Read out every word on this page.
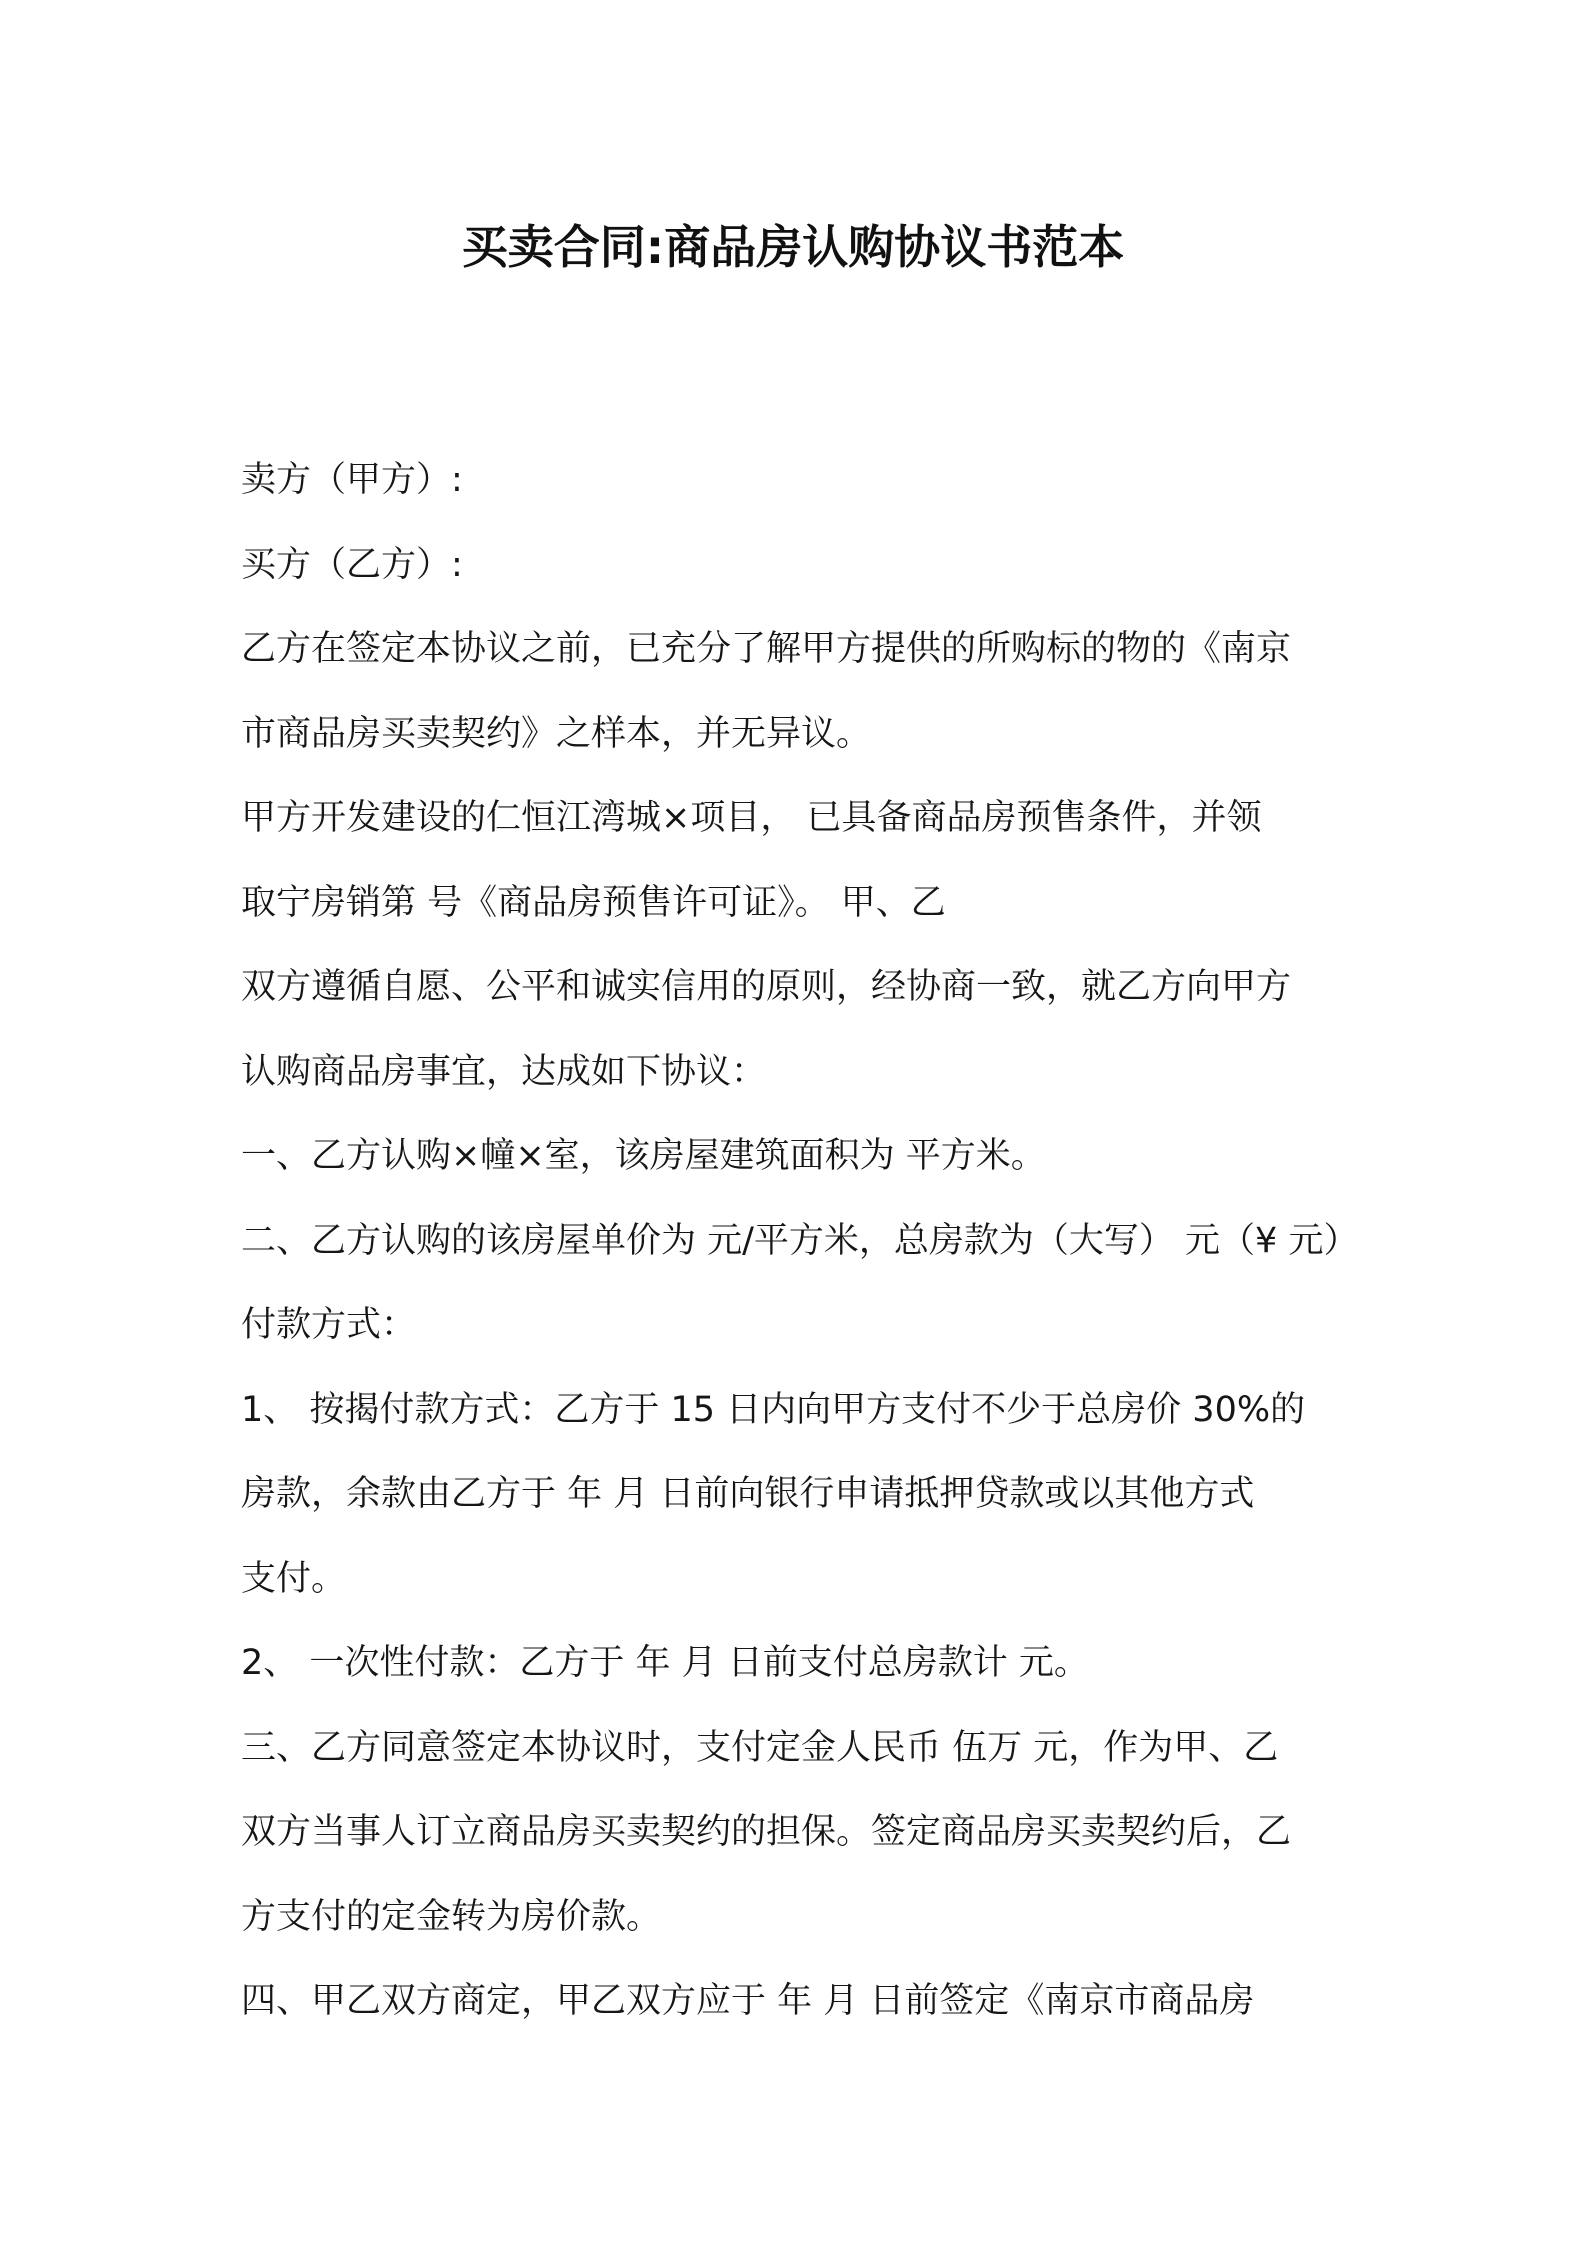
买卖合同:商品房认购协议书范本
卖方（甲方）:
买方（乙方）:
乙方在签定本协议之前，已充分了解甲方提供的所购标的物的《南京
市商品房买卖契约》之样本，并无异议。
甲方开发建设的仁恒江湾城×项目， 已具备商品房预售条件，并领
取宁房销第 号《商品房预售许可证》。 甲、乙
双方遵循自愿、公平和诚实信用的原则，经协商一致，就乙方向甲方
认购商品房事宜，达成如下协议：
一、乙方认购×幢×室，该房屋建筑面积为 平方米。
二、乙方认购的该房屋单价为 元/平方米，总房款为（大写） 元（¥ 元）
付款方式：
1、 按揭付款方式：乙方于 15 日内向甲方支付不少于总房价 30%的
房款，余款由乙方于 年 月 日前向银行申请抵押贷款或以其他方式
支付。
2、 一次性付款：乙方于 年 月 日前支付总房款计 元。
三、乙方同意签定本协议时，支付定金人民币 伍万 元，作为甲、乙
双方当事人订立商品房买卖契约的担保。签定商品房买卖契约后，乙
方支付的定金转为房价款。
四、甲乙双方商定，甲乙双方应于 年 月 日前签定《南京市商品房
